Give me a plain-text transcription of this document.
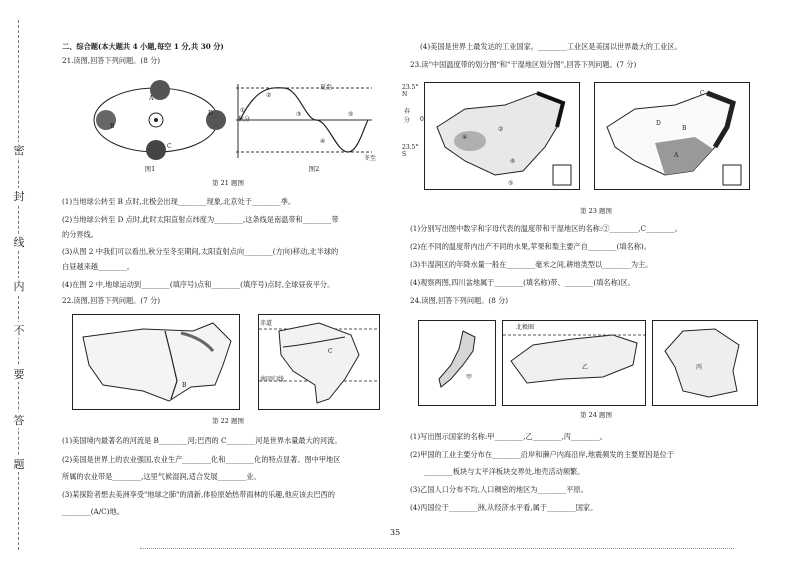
密
封
线
内
不
要
答
题
二、综合题(本大题共 4 小题,每空 1 分,共 30 分)
21.读图,回答下列问题。(8 分)
A
B
C
D
夏至
春分
秋分
冬至
23.5° N
0°
23.5° S
①
②
③
④
⑤
图1	图2
第 21 题图
(1)当地球公转至 B 点时,北极会出现________现象,北京处于________季。
(2)当地球公转至 D 点时,此时太阳直射点纬度为________,这条线是南温带和________带
的分界线。
(3)从图 2 中我们可以看出,秋分至冬至期间,太阳直射点向________(方向)移动,北半球的
白昼越来越________。
(4)在图 2 中,地球运动到________(填序号)点和________(填序号)点时,全球昼夜平分。
22.读图,回答下列问题。(7 分)
B
赤道
南回归线
C
第 22 题图
(1)美国境内最著名的河流是 B________河;巴西的 C________河是世界水量最大的河流。
(2)美国是世界上的农业强国,农业生产________化和________化的特点显著。图中甲地区
所属的农业带是________,这里气候湿润,适合发展________业。
(3)某探险者想去美洲享受"地球之肺"的清新,体验原始热带雨林的乐趣,他应该去巴西的
________(A/C)地。
(4)美国是世界上最发达的工业国家。________工业区是美国以世界最大的工业区。
23.读"中国温度带的划分图"和"干湿地区划分图",回答下列问题。(7 分)
④
②
⑥
⑤
C
D
B
A
第 23 题图
(1)分别写出图中数字和字母代表的温度带和干湿地区的名称:②________,C________。
(2)在不同的温度带内出产不同的水果,苹果和梨主要产自________(填名称)。
(3)半湿润区的年降水量一般在________毫米之间,耕地类型以________为主。
(4)观察两图,四川盆地属于________(填名称)带、________(填名称)区。
24.读图,回答下列问题。(8 分)
甲
北极圈
乙	丙
第 24 题图
(1)写出图示国家的名称:甲________,乙________,丙________。
(2)甲国的工业主要分布在________沿岸和濑户内海沿岸,地震频发的主要原因是位于
________板块与太平洋板块交界处,地壳活动频繁。
(3)乙国人口分布不均,人口稠密的地区为________平原。
(4)丙国位于________洲,从经济水平看,属于________国家。
35
